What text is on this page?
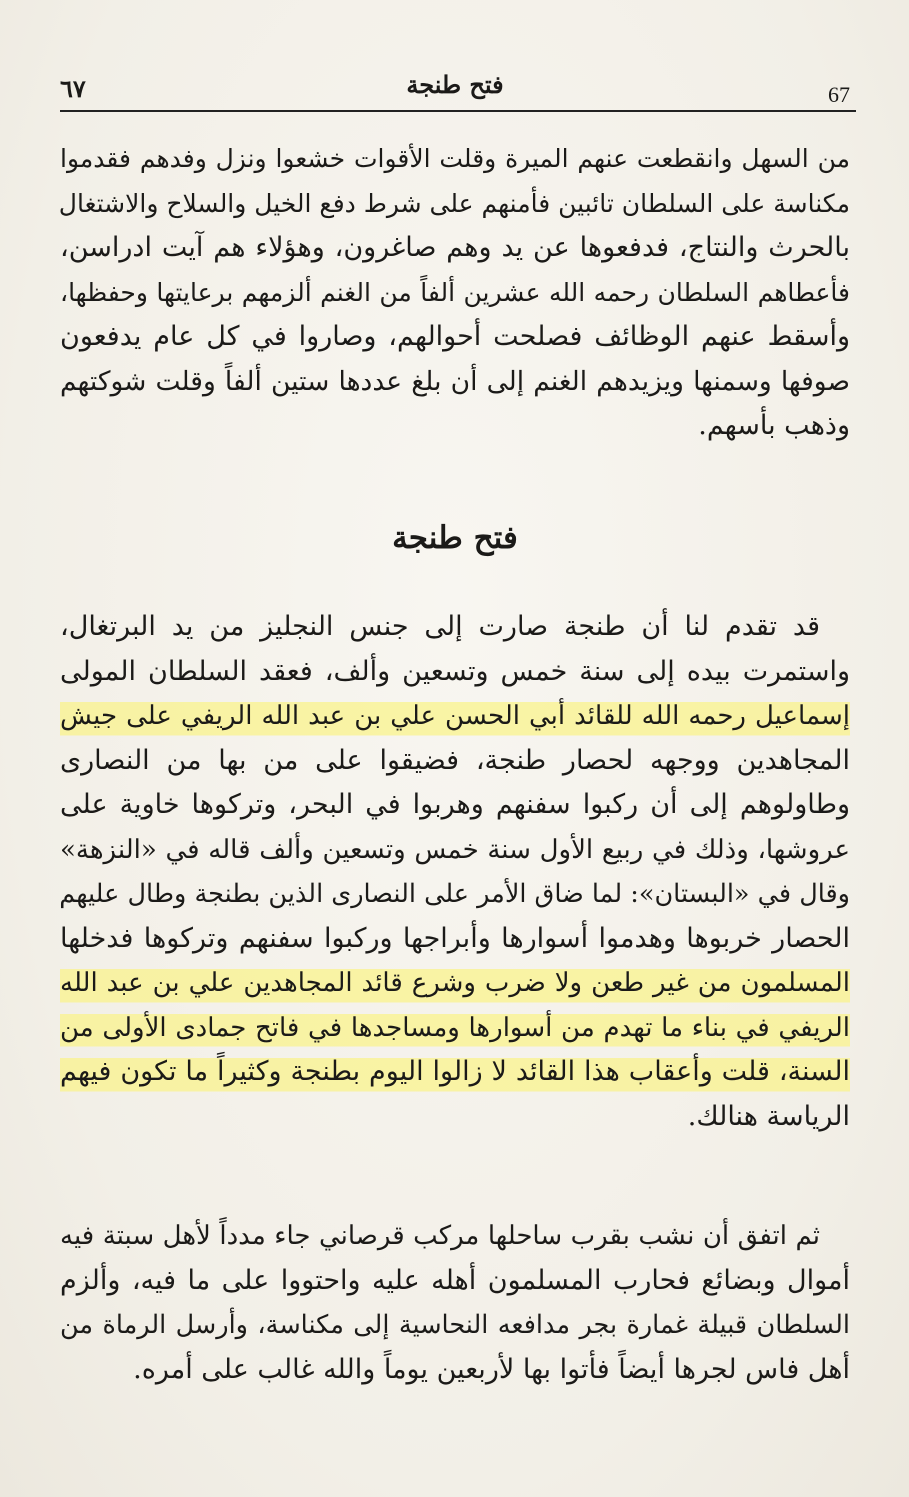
٦٧	فتح طنجة	67
من السهل وانقطعت عنهم الميرة وقلت الأقوات خشعوا ونزل وفدهم فقدموا
مكناسة على السلطان تائبين فأمنهم على شرط دفع الخيل والسلاح والاشتغال
بالحرث والنتاج، فدفعوها عن يد وهم صاغرون، وهؤلاء هم آيت ادراسن،
فأعطاهم السلطان رحمه الله عشرين ألفاً من الغنم ألزمهم برعايتها وحفظها،
وأسقط عنهم الوظائف فصلحت أحوالهم، وصاروا في كل عام يدفعون
صوفها وسمنها ويزيدهم الغنم إلى أن بلغ عددها ستين ألفاً وقلت شوكتهم
وذهب بأسهم.
فتح طنجة
قد تقدم لنا أن طنجة صارت إلى جنس النجليز من يد البرتغال،
واستمرت بيده إلى سنة خمس وتسعين وألف، فعقد السلطان المولى
إسماعيل رحمه الله للقائد أبي الحسن علي بن عبد الله الريفي على جيش
المجاهدين ووجهه لحصار طنجة، فضيقوا على من بها من النصارى
وطاولوهم إلى أن ركبوا سفنهم وهربوا في البحر، وتركوها خاوية على
عروشها، وذلك في ربيع الأول سنة خمس وتسعين وألف قاله في «النزهة»
وقال في «البستان»: لما ضاق الأمر على النصارى الذين بطنجة وطال عليهم
الحصار خربوها وهدموا أسوارها وأبراجها وركبوا سفنهم وتركوها فدخلها
المسلمون من غير طعن ولا ضرب وشرع قائد المجاهدين علي بن عبد الله
الريفي في بناء ما تهدم من أسوارها ومساجدها في فاتح جمادى الأولى من
السنة، قلت وأعقاب هذا القائد لا زالوا اليوم بطنجة وكثيراً ما تكون فيهم
الرياسة هنالك.
ثم اتفق أن نشب بقرب ساحلها مركب قرصاني جاء مدداً لأهل سبتة فيه
أموال وبضائع فحارب المسلمون أهله عليه واحتووا على ما فيه، وألزم
السلطان قبيلة غمارة بجر مدافعه النحاسية إلى مكناسة، وأرسل الرماة من
أهل فاس لجرها أيضاً فأتوا بها لأربعين يوماً والله غالب على أمره.
